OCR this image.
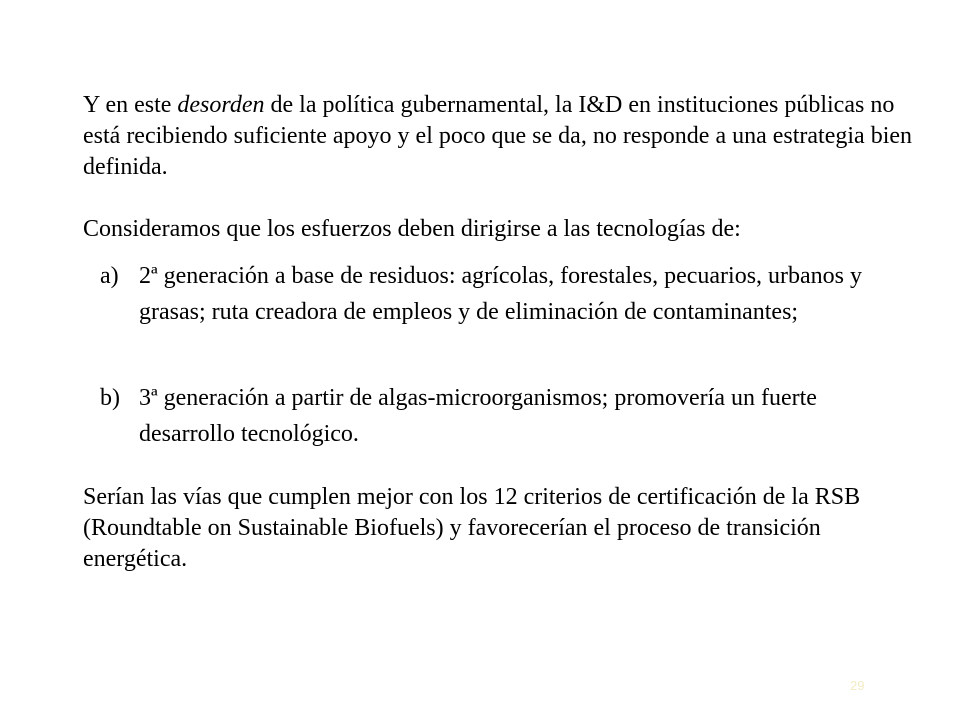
Y en este desorden de la política gubernamental, la I&D en instituciones públicas no está recibiendo suficiente apoyo y el poco que se da, no responde a una estrategia bien definida.

Consideramos que los esfuerzos deben dirigirse a las tecnologías de:

a) 2ª generación a base de residuos: agrícolas, forestales, pecuarios, urbanos y grasas; ruta creadora de empleos y de eliminación de contaminantes;
b) 3ª generación a partir de algas-microorganismos; promovería un fuerte desarrollo tecnológico.

Serían las vías que cumplen mejor con los 12 criterios de certificación de la RSB (Roundtable on Sustainable Biofuels) y favorecerían el proceso de transición energética.

29
